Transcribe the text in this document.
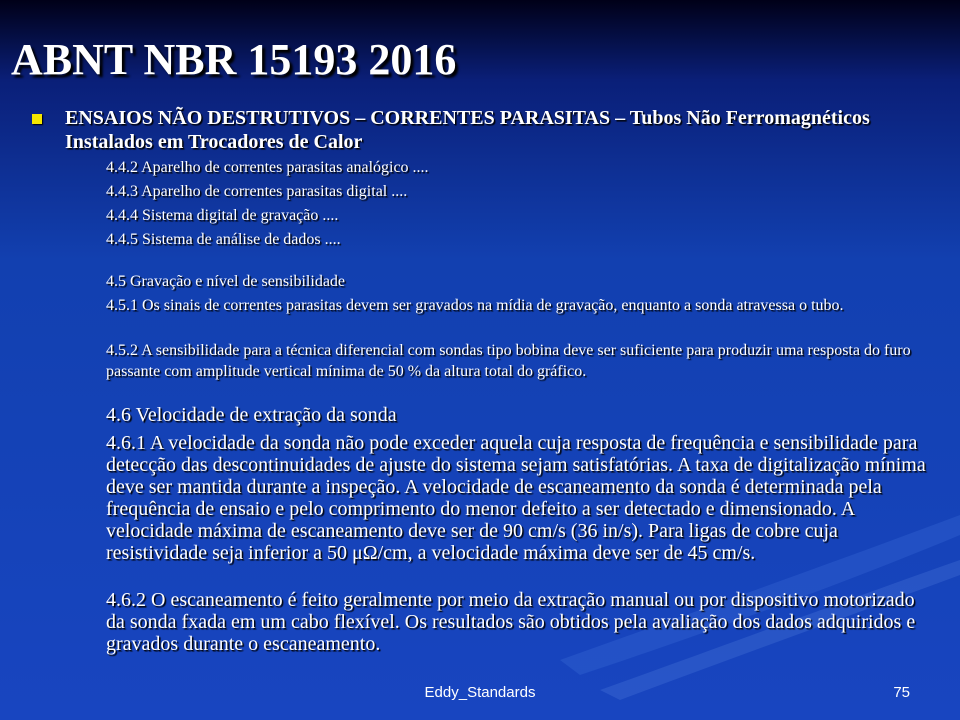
ABNT NBR 15193 2016
ENSAIOS NÃO DESTRUTIVOS – CORRENTES PARASITAS – Tubos Não Ferromagnéticos Instalados em Trocadores de Calor
4.4.2 Aparelho de correntes parasitas analógico ....
4.4.3 Aparelho de correntes parasitas digital ....
4.4.4 Sistema digital de gravação ....
4.4.5 Sistema de análise de dados ....
4.5 Gravação e nível de sensibilidade
4.5.1 Os sinais de correntes parasitas devem ser gravados na mídia de gravação, enquanto a sonda atravessa o tubo.
4.5.2 A sensibilidade para a técnica diferencial com sondas tipo bobina deve ser suficiente para produzir uma resposta do furo passante com amplitude vertical mínima de 50 % da altura total do gráfico.
4.6 Velocidade de extração da sonda
4.6.1 A velocidade da sonda não pode exceder aquela cuja resposta de frequência e sensibilidade para detecção das descontinuidades de ajuste do sistema sejam satisfatórias. A taxa de digitalização mínima deve ser mantida durante a inspeção. A velocidade de escaneamento da sonda é determinada pela frequência de ensaio e pelo comprimento do menor defeito a ser detectado e dimensionado. A velocidade máxima de escaneamento deve ser de 90 cm/s (36 in/s). Para ligas de cobre cuja resistividade seja inferior a 50 μΩ/cm, a velocidade máxima deve ser de 45 cm/s.
4.6.2 O escaneamento é feito geralmente por meio da extração manual ou por dispositivo motorizado da sonda fxada em um cabo flexível. Os resultados são obtidos pela avaliação dos dados adquiridos e gravados durante o escaneamento.
Eddy_Standards	75
